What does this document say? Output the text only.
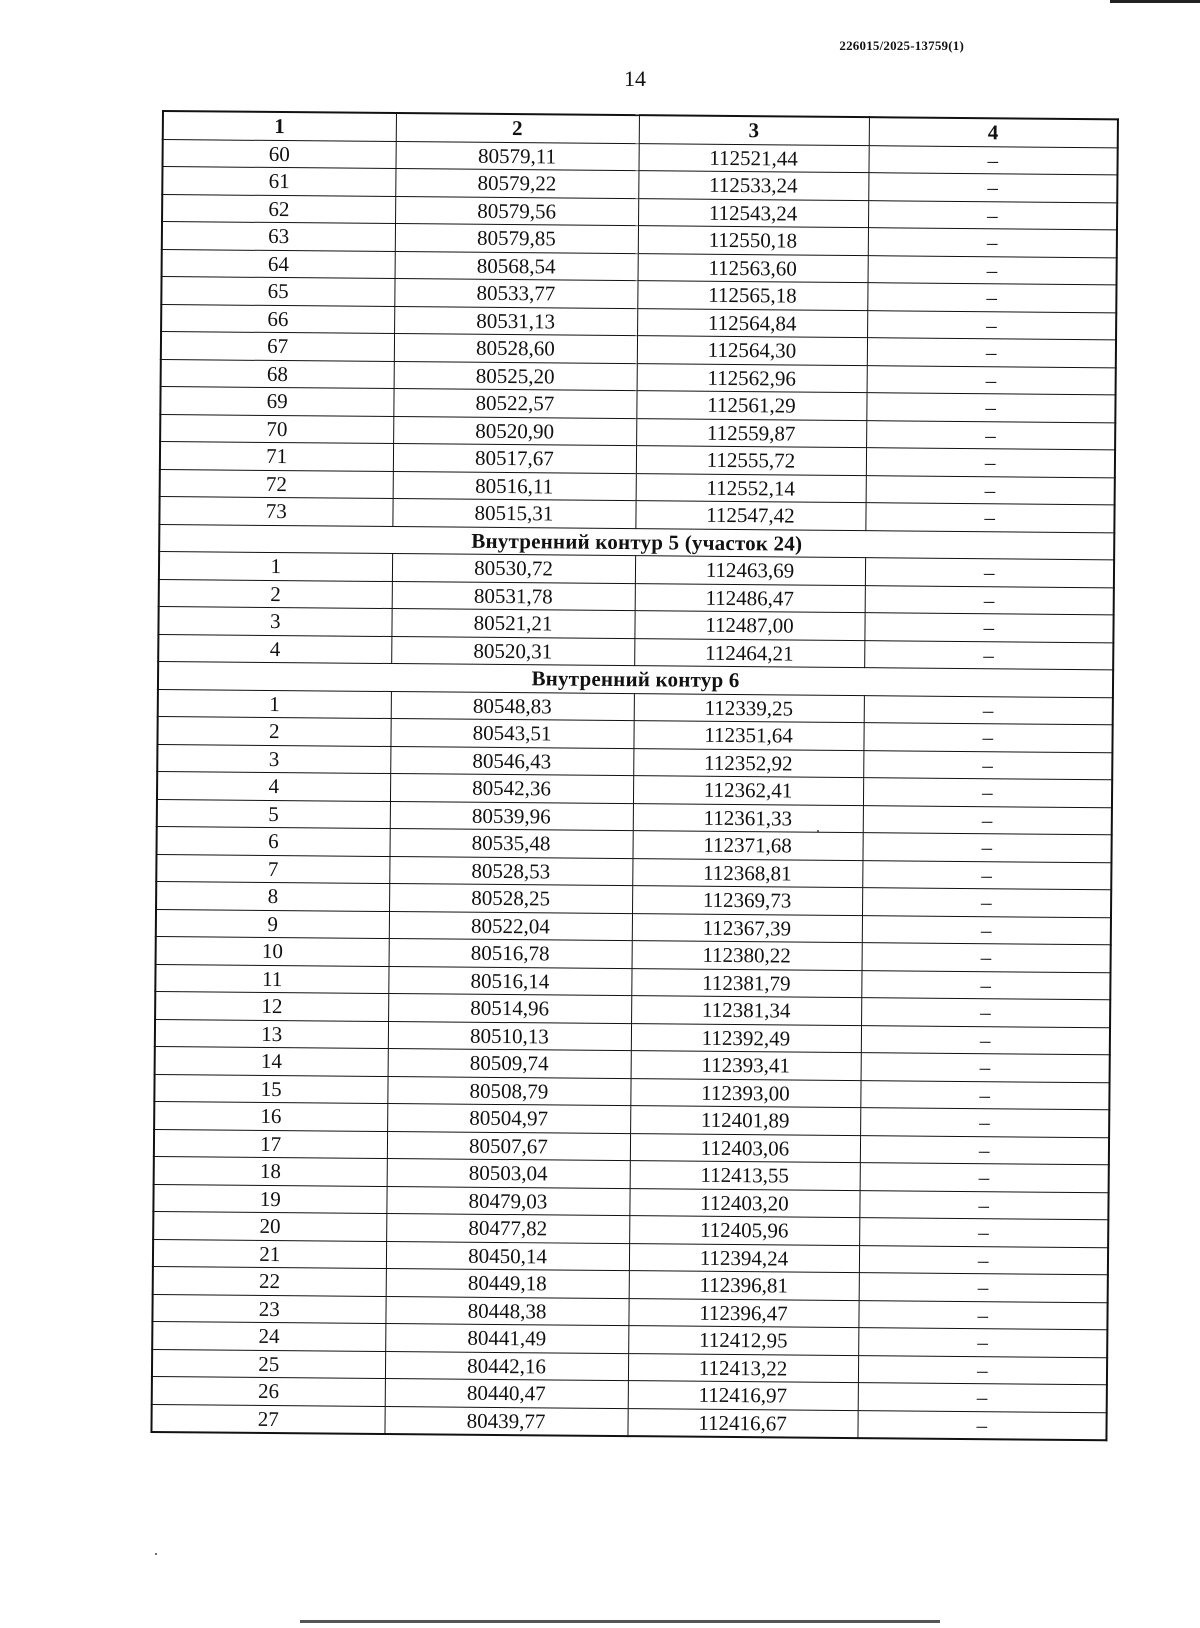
226015/2025-13759(1)
14
1	2	3	4
60	80579,11	112521,44	–
61	80579,22	112533,24	–
62	80579,56	112543,24	–
63	80579,85	112550,18	–
64	80568,54	112563,60	–
65	80533,77	112565,18	–
66	80531,13	112564,84	–
67	80528,60	112564,30	–
68	80525,20	112562,96	–
69	80522,57	112561,29	–
70	80520,90	112559,87	–
71	80517,67	112555,72	–
72	80516,11	112552,14	–
73	80515,31	112547,42	–
Внутренний контур 5 (участок 24)			
1	80530,72	112463,69	–
2	80531,78	112486,47	–
3	80521,21	112487,00	–
4	80520,31	112464,21	–
Внутренний контур 6			
1	80548,83	112339,25	–
2	80543,51	112351,64	–
3	80546,43	112352,92	–
4	80542,36	112362,41	–
5	80539,96	112361,33	–
6	80535,48	112371,68	–
7	80528,53	112368,81	–
8	80528,25	112369,73	–
9	80522,04	112367,39	–
10	80516,78	112380,22	–
11	80516,14	112381,79	–
12	80514,96	112381,34	–
13	80510,13	112392,49	–
14	80509,74	112393,41	–
15	80508,79	112393,00	–
16	80504,97	112401,89	–
17	80507,67	112403,06	–
18	80503,04	112413,55	–
19	80479,03	112403,20	–
20	80477,82	112405,96	–
21	80450,14	112394,24	–
22	80449,18	112396,81	–
23	80448,38	112396,47	–
24	80441,49	112412,95	–
25	80442,16	112413,22	–
26	80440,47	112416,97	–
27	80439,77	112416,67	–
